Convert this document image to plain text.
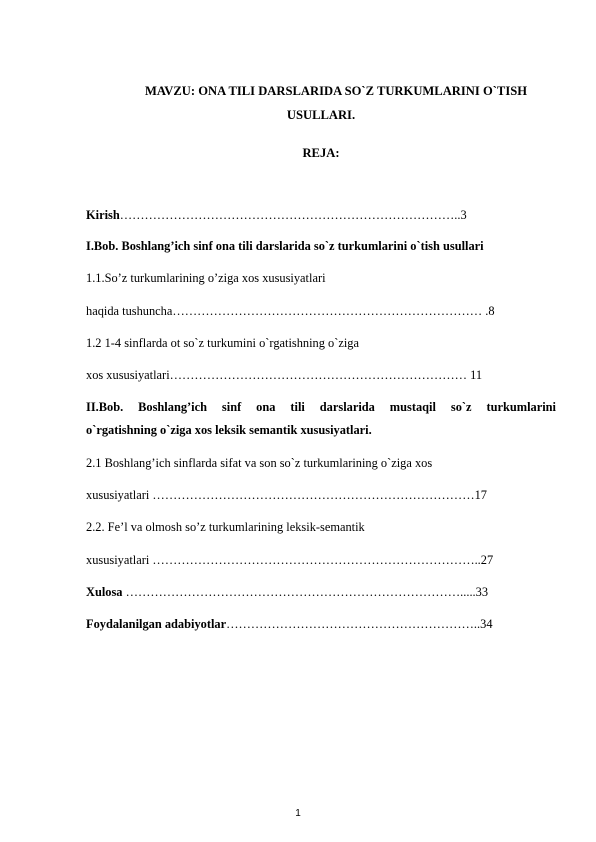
MAVZU: ONA TILI DARSLARIDA SO`Z TURKUMLARINI O`TISH
USULLARI.
REJA:
Kirish………………………………………………………………………..3
I.Bob. Boshlang’ich sinf ona tili darslarida so`z turkumlarini o`tish usullari
1.1.So’z turkumlarining o’ziga xos xususiyatlari
haqida tushuncha………………………………………………………………… .8
1.2 1-4 sinflarda ot so`z turkumini o`rgatishning o`ziga
xos xususiyatlari……………………………………………………………… 11
II.Bob. Boshlang’ich sinf ona tili darslarida mustaqil so`z turkumlarini
o`rgatishning o`ziga xos leksik semantik xususiyatlari.
2.1 Boshlang’ich sinflarda sifat va son so`z turkumlarining o`ziga xos
xususiyatlari ……………………………………………………………………17
2.2. Fe’l va olmosh so’z turkumlarining leksik-semantik
xususiyatlari ……………………………………………………………………..27
Xulosa ……………………………………………………………………….....33
Foydalanilgan adabiyotlar……………………………………………………..34
1
